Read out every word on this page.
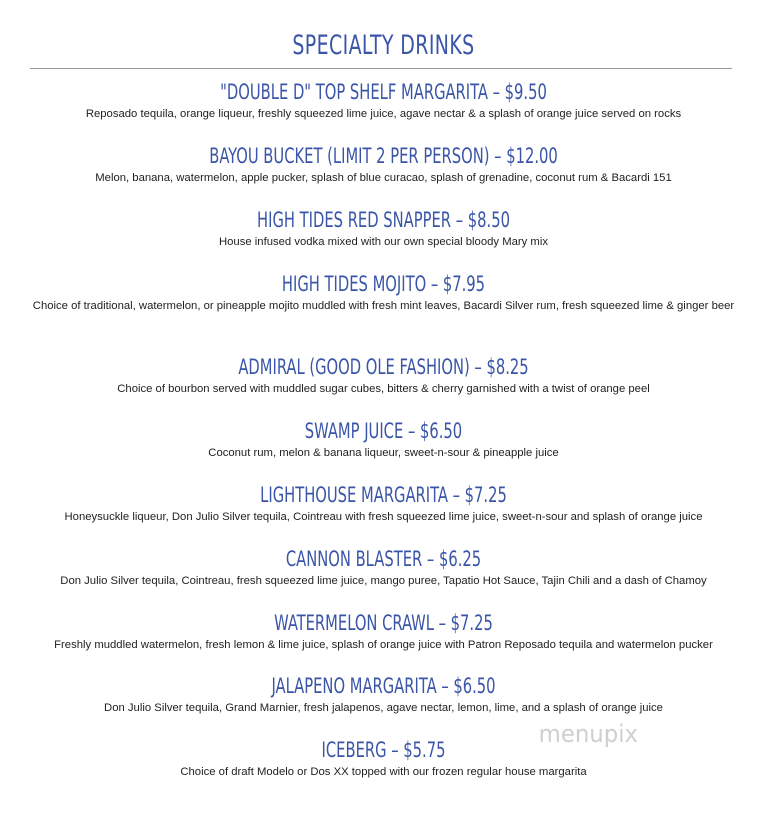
SPECIALTY DRINKS
"DOUBLE D" TOP SHELF MARGARITA – $9.50
Reposado tequila, orange liqueur, freshly squeezed lime juice, agave nectar & a splash of orange juice served on rocks
BAYOU BUCKET (LIMIT 2 PER PERSON) – $12.00
Melon, banana, watermelon, apple pucker, splash of blue curacao, splash of grenadine, coconut rum & Bacardi 151
HIGH TIDES RED SNAPPER – $8.50
House infused vodka mixed with our own special bloody Mary mix
HIGH TIDES MOJITO – $7.95
Choice of traditional, watermelon, or pineapple mojito muddled with fresh mint leaves, Bacardi Silver rum, fresh squeezed lime & ginger beer
ADMIRAL (GOOD OLE FASHION) – $8.25
Choice of bourbon served with muddled sugar cubes, bitters & cherry garnished with a twist of orange peel
SWAMP JUICE – $6.50
Coconut rum, melon & banana liqueur, sweet-n-sour & pineapple juice
LIGHTHOUSE MARGARITA – $7.25
Honeysuckle liqueur, Don Julio Silver tequila, Cointreau with fresh squeezed lime juice, sweet-n-sour and splash of orange juice
CANNON BLASTER – $6.25
Don Julio Silver tequila, Cointreau, fresh squeezed lime juice, mango puree, Tapatio Hot Sauce, Tajin Chili and a dash of Chamoy
WATERMELON CRAWL – $7.25
Freshly muddled watermelon, fresh lemon & lime juice, splash of orange juice with Patron Reposado tequila and watermelon pucker
JALAPENO MARGARITA – $6.50
Don Julio Silver tequila, Grand Marnier, fresh jalapenos, agave nectar, lemon, lime, and a splash of orange juice
ICEBERG – $5.75
Choice of draft Modelo or Dos XX topped with our frozen regular house margarita
menupix
